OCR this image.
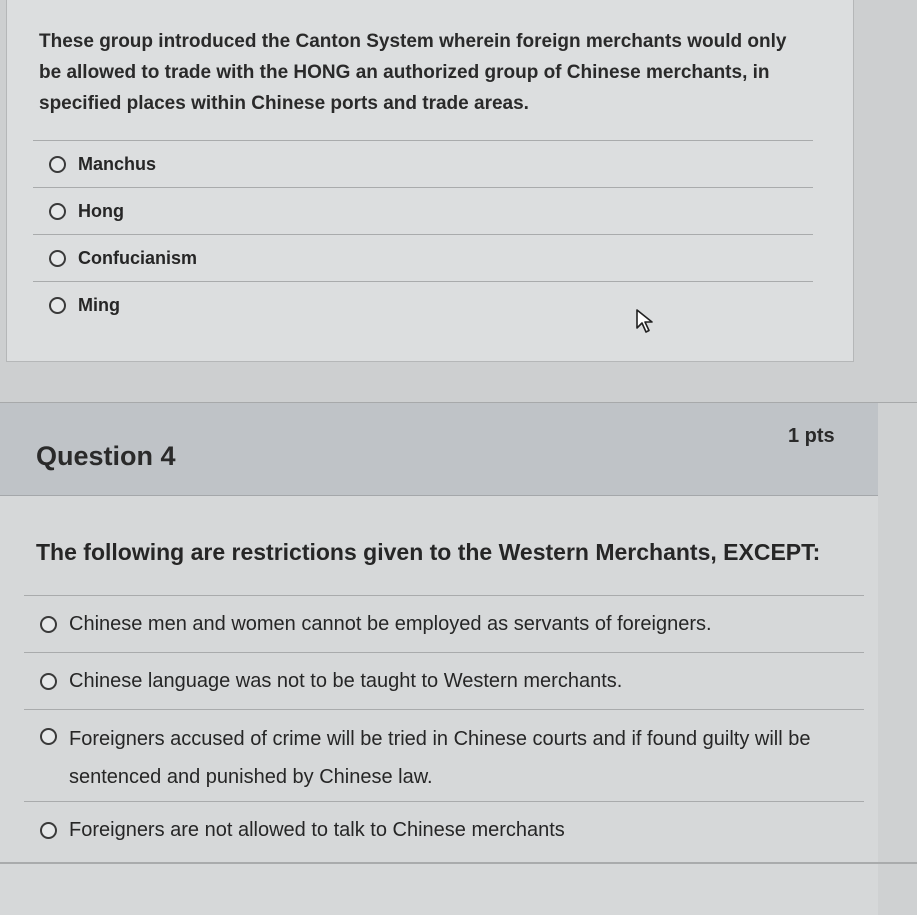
These group introduced the Canton System wherein foreign merchants would only be allowed to trade with the HONG an authorized group of Chinese merchants, in specified places within Chinese ports and trade areas.
Manchus
Hong
Confucianism
Ming
Question 4
1 pts
The following are restrictions given to the Western Merchants, EXCEPT:
Chinese men and women cannot be employed as servants of foreigners.
Chinese language was not to be taught to Western merchants.
Foreigners accused of crime will be tried in Chinese courts and if found guilty will be sentenced and punished by Chinese law.
Foreigners are not allowed to talk to Chinese merchants
